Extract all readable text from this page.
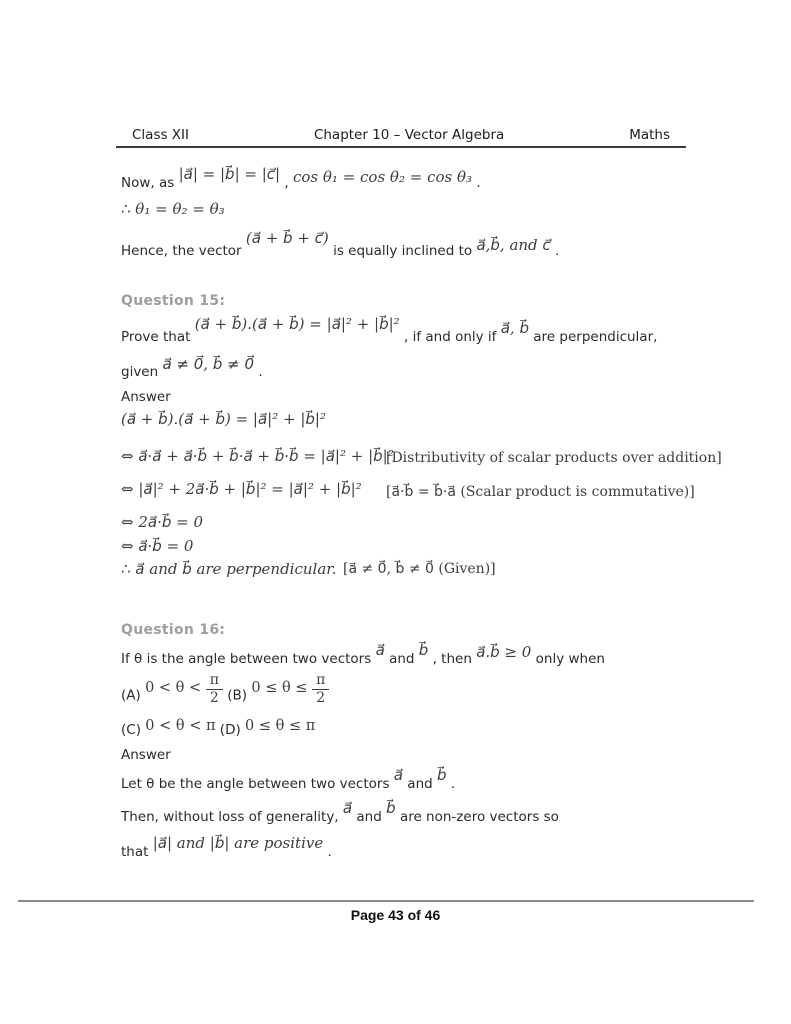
Class XII	Chapter 10 – Vector Algebra	Maths
Now, as |a⃗| = |b⃗| = |c⃗| , cos θ₁ = cos θ₂ = cos θ₃ .
∴ θ₁ = θ₂ = θ₃
Hence, the vector (a⃗ + b⃗ + c⃗) is equally inclined to a⃗,b⃗, and c⃗ .
Question 15:
Prove that (a⃗ + b⃗).(a⃗ + b⃗) = |a⃗|² + |b⃗|² , if and only if a⃗, b⃗ are perpendicular,
given a⃗ ≠ 0⃗, b⃗ ≠ 0⃗ .
Answer
(a⃗ + b⃗).(a⃗ + b⃗) = |a⃗|² + |b⃗|²
⇔ a⃗·a⃗ + a⃗·b⃗ + b⃗·a⃗ + b⃗·b⃗ = |a⃗|² + |b⃗|²
[Distributivity of scalar products over addition]
⇔ |a⃗|² + 2a⃗·b⃗ + |b⃗|² = |a⃗|² + |b⃗|² [a⃗·b⃗ = b⃗·a⃗ (Scalar product is commutative)]
⇔ 2a⃗·b⃗ = 0
⇔ a⃗·b⃗ = 0
∴ a⃗ and b⃗ are perpendicular. [a⃗ ≠ 0⃗, b⃗ ≠ 0⃗ (Given)]
Question 16:
If θ is the angle between two vectors a⃗ and b⃗ , then a⃗.b⃗ ≥ 0 only when
(A) $0 < \theta < \frac{\pi}{2} (B) 0 \le \theta \le \frac{\pi}{2}$
(C) 0 < θ < π (D) 0 ≤ θ ≤ π
Answer
Let θ be the angle between two vectors a⃗ and b⃗ .
Then, without loss of generality, a⃗ and b⃗ are non-zero vectors so
that |a⃗| and |b⃗| are positive .
Page 43 of 46
